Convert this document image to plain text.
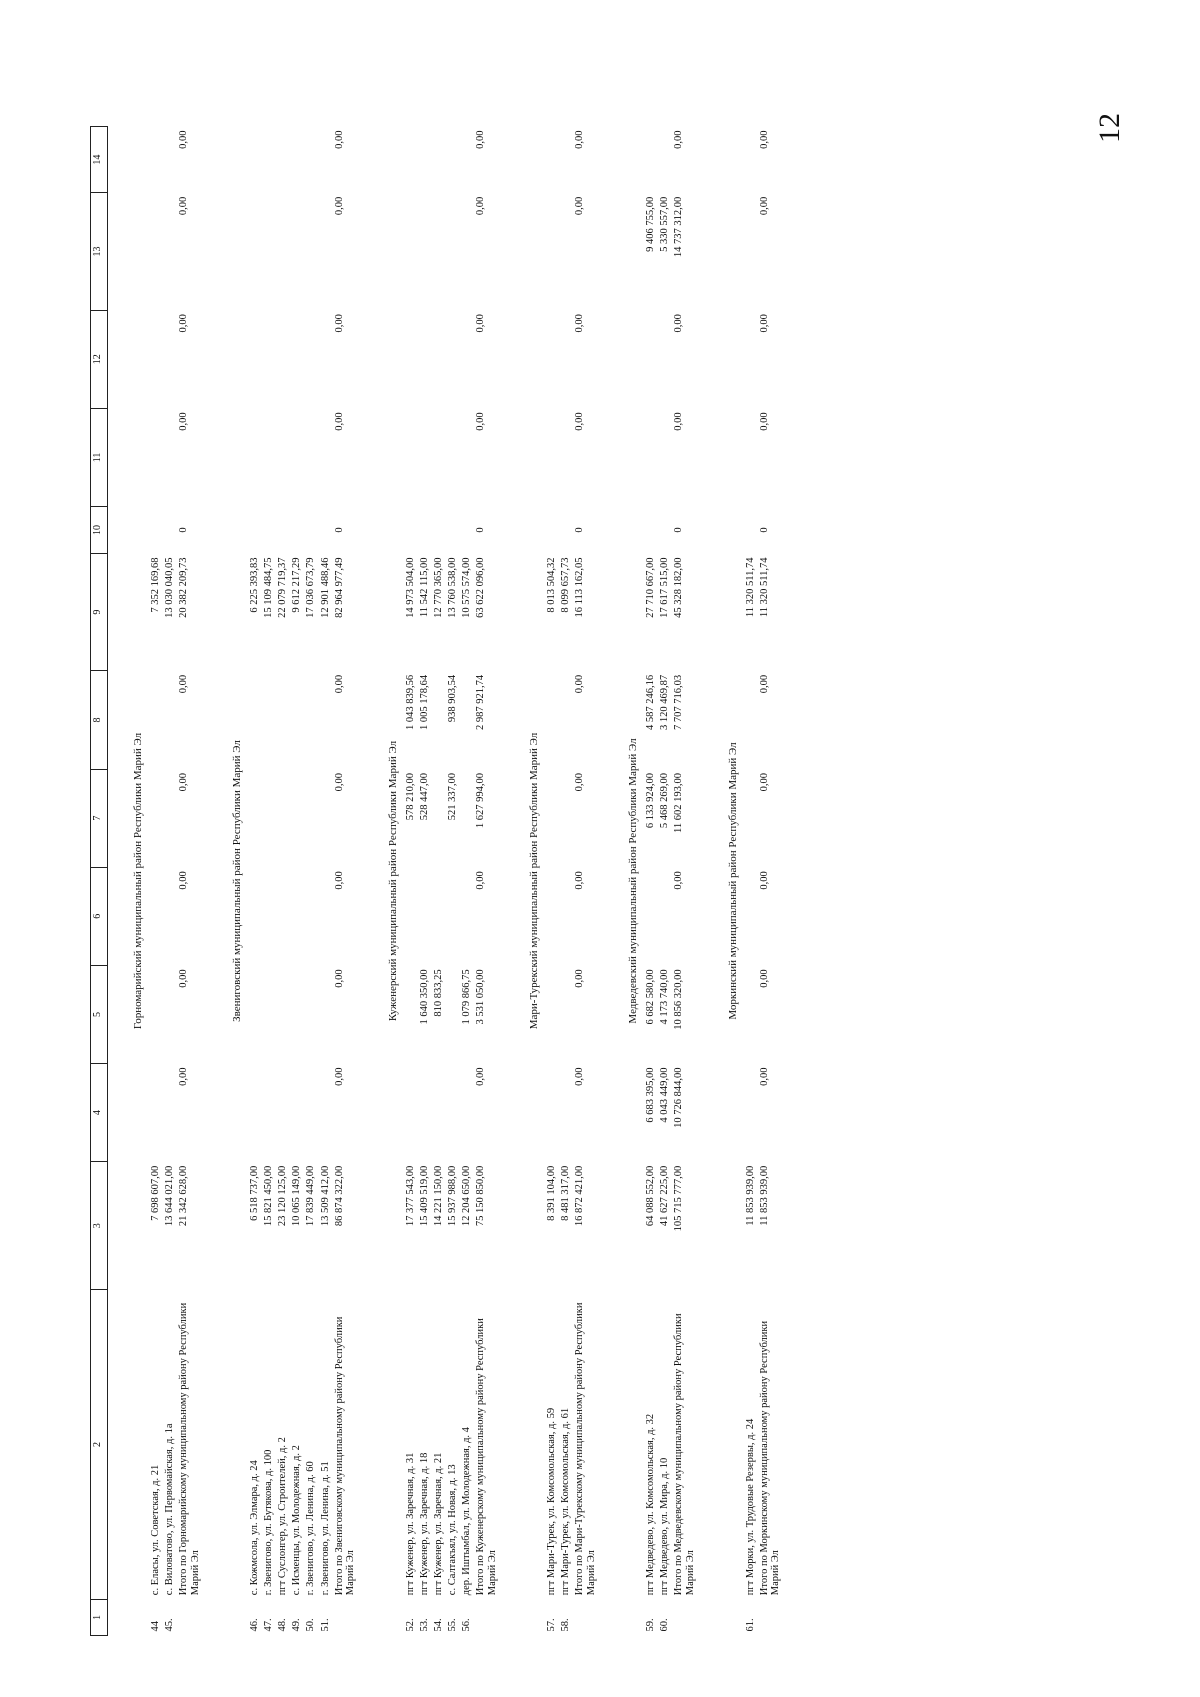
12
1	2	3	4	5	6	7	8	9	10	11	12	13	14
Горномарийский муниципальный район Республики Марий Эл													
44	с. Еласы, ул. Советская, д. 21	7 698 607,00						7 352 169,68					
45.	с. Виловатово, ул. Первомайская, д. 1а	13 644 021,00						13 030 040,05					
	Итого по Горномарийскому муниципальному району Республики Марий Эл	21 342 628,00	0,00	0,00	0,00	0,00	0,00	20 382 209,73	0	0,00	0,00	0,00	0,00
Звениговский муниципальный район Республики Марий Эл													
46.	с. Кожмсола, ул. Элмара, д. 24	6 518 737,00						6 225 393,83					
47.	г. Звенигово, ул. Бутякова, д. 100	15 821 450,00						15 109 484,75					
48.	пгт Суслонгер, ул. Строителей, д. 2	23 120 125,00						22 079 719,37					
49.	с. Исменцы, ул. Молодежная, д. 2	10 065 149,00						9 612 217,29					
50.	г. Звенигово, ул. Ленина, д. 60	17 839 449,00						17 036 673,79					
51.	г. Звенигово, ул. Ленина, д. 51	13 509 412,00						12 901 488,46					
	Итого по Звениговскому муниципальному району Республики Марий Эл	86 874 322,00	0,00	0,00	0,00	0,00	0,00	82 964 977,49	0	0,00	0,00	0,00	0,00
Куженерский муниципальный район Республики Марий Эл													
52.	пгт Куженер, ул. Заречная, д. 31	17 377 543,00				578 210,00	1 043 839,56	14 973 504,00					
53.	пгт Куженер, ул. Заречная, д. 18	15 409 519,00		1 640 350,00		528 447,00	1 005 178,64	11 542 115,00					
54.	пгт Куженер, ул. Заречная, д. 21	14 221 150,00		810 833,25				12 770 365,00					
55.	с. Салтакъял, ул. Новая, д. 13	15 937 988,00				521 337,00	938 903,54	13 760 538,00					
56.	дер. Иштымбал, ул. Молодежная, д. 4	12 204 650,00		1 079 866,75				10 575 574,00					
	Итого по Куженерскому муниципальному району Республики Марий Эл	75 150 850,00	0,00	3 531 050,00	0,00	1 627 994,00	2 987 921,74	63 622 096,00	0	0,00	0,00	0,00	0,00
Мари-Турекский муниципальный район Республики Марий Эл													
57.	пгт Мари-Турек, ул. Комсомольская, д. 59	8 391 104,00						8 013 504,32					
58.	пгт Мари-Турек, ул. Комсомольская, д. 61	8 481 317,00						8 099 657,73					
	Итого по Мари-Турекскому муниципальному району Республики Марий Эл	16 872 421,00	0,00	0,00	0,00	0,00	0,00	16 113 162,05	0	0,00	0,00	0,00	0,00
Медведевский муниципальный район Республики Марий Эл													
59.	пгт Медведево, ул. Комсомольская, д. 32	64 088 552,00	6 683 395,00	6 682 580,00		6 133 924,00	4 587 246,16	27 710 667,00				9 406 755,00	
60.	пгт Медведево, ул. Мира, д. 10	41 627 225,00	4 043 449,00	4 173 740,00		5 468 269,00	3 120 469,87	17 617 515,00				5 330 557,00	
	Итого по Медведевскому муниципальному району Республики Марий Эл	105 715 777,00	10 726 844,00	10 856 320,00	0,00	11 602 193,00	7 707 716,03	45 328 182,00	0	0,00	0,00	14 737 312,00	0,00
Моркинский муниципальный район Республики Марий Эл													
61.	пгт Морки, ул. Трудовые Резервы, д. 24	11 853 939,00						11 320 511,74					
	Итого по Моркинскому муниципальному району Республики Марий Эл	11 853 939,00	0,00	0,00	0,00	0,00	0,00	11 320 511,74	0	0,00	0,00	0,00	0,00
